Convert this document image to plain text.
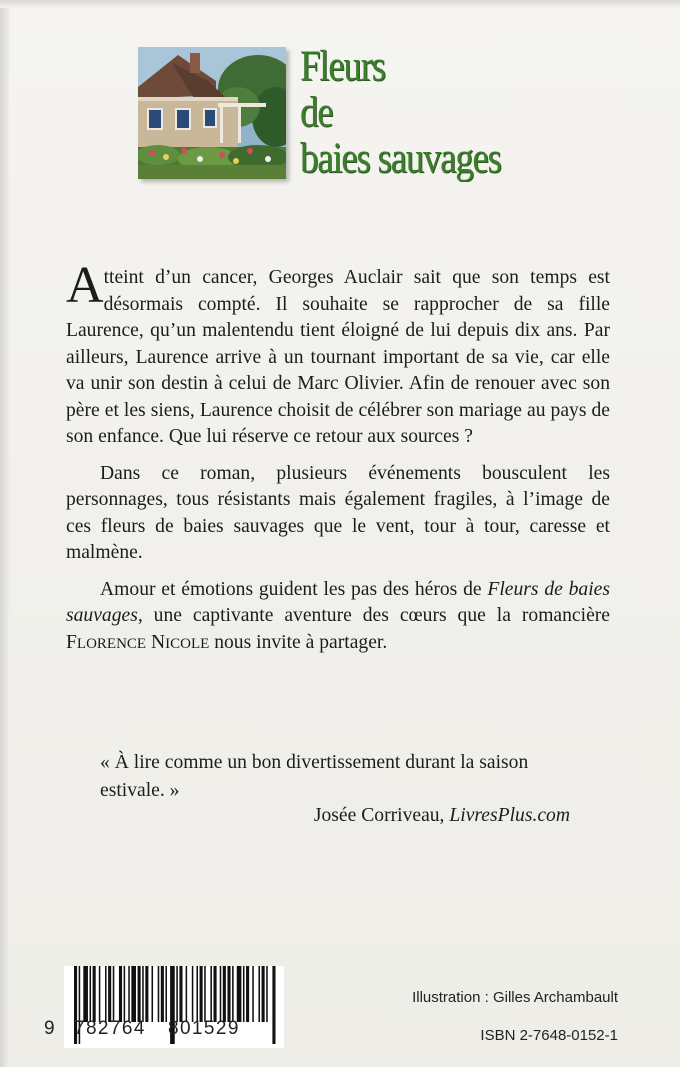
Fleurs
de
baies sauvages

Atteint d’un cancer, Georges Auclair sait que son temps est désormais compté. Il souhaite se rapprocher de sa fille Laurence, qu’un malentendu tient éloigné de lui depuis dix ans. Par ailleurs, Laurence arrive à un tournant important de sa vie, car elle va unir son destin à celui de Marc Olivier. Afin de renouer avec son père et les siens, Laurence choisit de célébrer son mariage au pays de son enfance. Que lui réserve ce retour aux sources ?

Dans ce roman, plusieurs événements bousculent les personnages, tous résistants mais également fragiles, à l’image de ces fleurs de baies sauvages que le vent, tour à tour, caresse et malmène.

Amour et émotions guident les pas des héros de Fleurs de baies sauvages, une captivante aventure des cœurs que la romancière FLORENCE NICOLE nous invite à partager.

« À lire comme un bon divertissement durant la saison estivale. »

Josée Corriveau, LivresPlus.com
9 782764 801529
Illustration : Gilles Archambault
ISBN 2-7648-0152-1
